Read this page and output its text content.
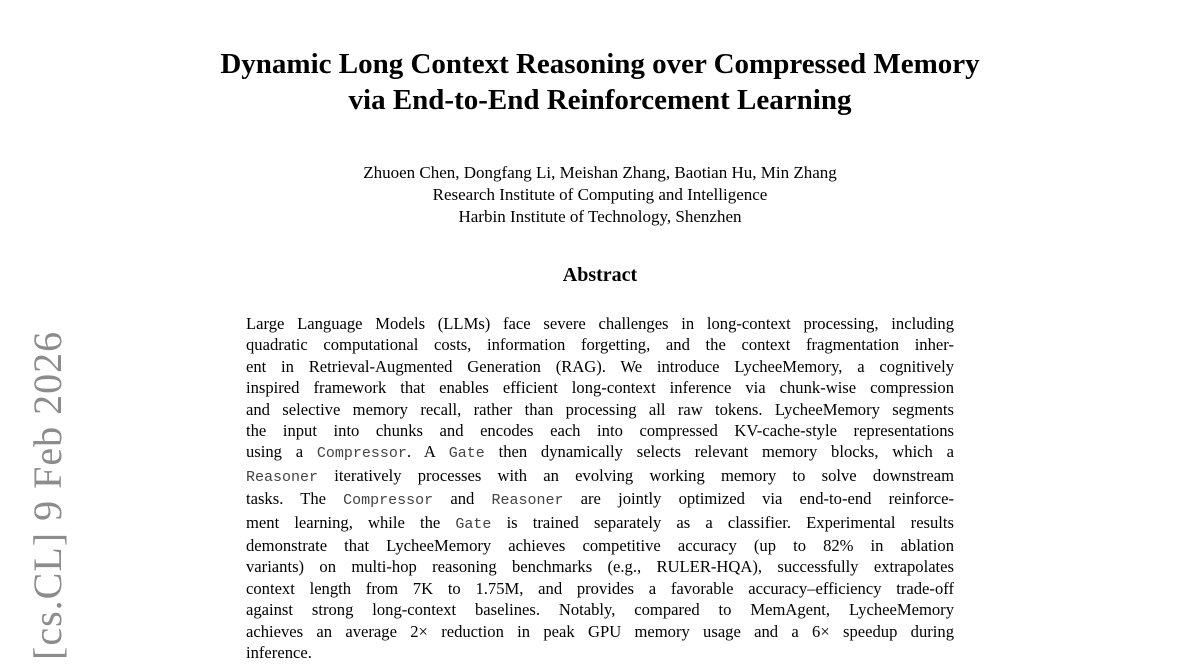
Dynamic Long Context Reasoning over Compressed Memory
via End-to-End Reinforcement Learning
Zhuoen Chen, Dongfang Li, Meishan Zhang, Baotian Hu, Min Zhang
Research Institute of Computing and Intelligence
Harbin Institute of Technology, Shenzhen
Abstract
Large Language Models (LLMs) face severe challenges in long-context processing, including
quadratic computational costs, information forgetting, and the context fragmentation inher-
ent in Retrieval-Augmented Generation (RAG). We introduce LycheeMemory, a cognitively
inspired framework that enables efficient long-context inference via chunk-wise compression
and selective memory recall, rather than processing all raw tokens. LycheeMemory segments
the input into chunks and encodes each into compressed KV-cache-style representations
using a Compressor. A Gate then dynamically selects relevant memory blocks, which a
Reasoner iteratively processes with an evolving working memory to solve downstream
tasks. The Compressor and Reasoner are jointly optimized via end-to-end reinforce-
ment learning, while the Gate is trained separately as a classifier. Experimental results
demonstrate that LycheeMemory achieves competitive accuracy (up to 82% in ablation
variants) on multi-hop reasoning benchmarks (e.g., RULER-HQA), successfully extrapolates
context length from 7K to 1.75M, and provides a favorable accuracy–efficiency trade-off
against strong long-context baselines. Notably, compared to MemAgent, LycheeMemory
achieves an average 2× reduction in peak GPU memory usage and a 6× speedup during
inference.
[cs.CL] 9 Feb 2026
